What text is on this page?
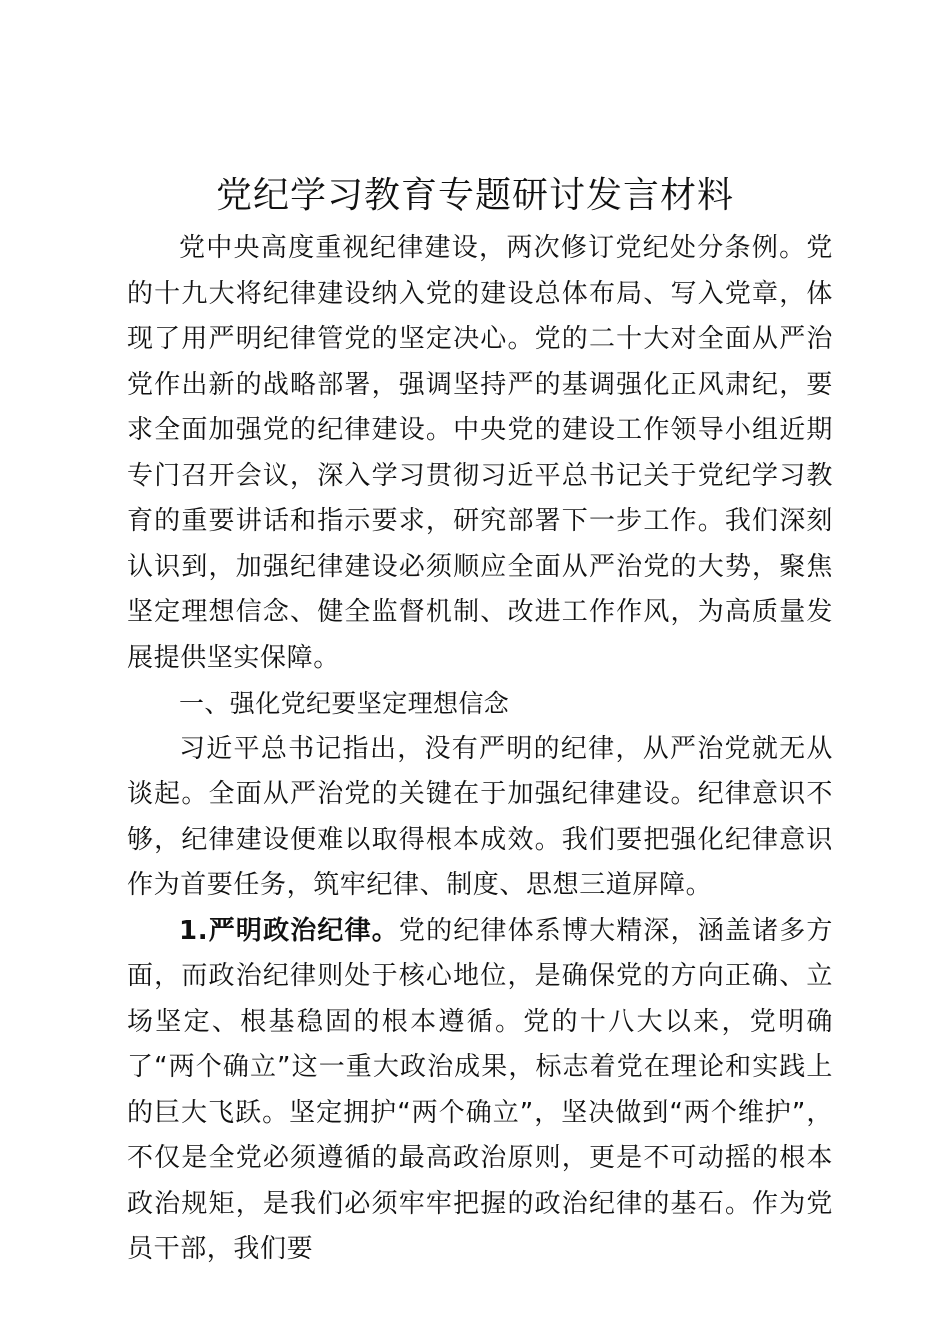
党纪学习教育专题研讨发言材料

党中央高度重视纪律建设，两次修订党纪处分条例。党的十九大将纪律建设纳入党的建设总体布局、写入党章，体现了用严明纪律管党的坚定决心。党的二十大对全面从严治党作出新的战略部署，强调坚持严的基调强化正风肃纪，要求全面加强党的纪律建设。中央党的建设工作领导小组近期专门召开会议，深入学习贯彻习近平总书记关于党纪学习教育的重要讲话和指示要求，研究部署下一步工作。我们深刻认识到，加强纪律建设必须顺应全面从严治党的大势，聚焦坚定理想信念、健全监督机制、改进工作作风，为高质量发展提供坚实保障。

一、强化党纪要坚定理想信念

习近平总书记指出，没有严明的纪律，从严治党就无从谈起。全面从严治党的关键在于加强纪律建设。纪律意识不够，纪律建设便难以取得根本成效。我们要把强化纪律意识作为首要任务，筑牢纪律、制度、思想三道屏障。

1.严明政治纪律。党的纪律体系博大精深，涵盖诸多方面，而政治纪律则处于核心地位，是确保党的方向正确、立场坚定、根基稳固的根本遵循。党的十八大以来，党明确了“两个确立”这一重大政治成果，标志着党在理论和实践上的巨大飞跃。坚定拥护“两个确立”，坚决做到“两个维护”，不仅是全党必须遵循的最高政治原则，更是不可动摇的根本政治规矩，是我们必须牢牢把握的政治纪律的基石。作为党员干部，我们要
